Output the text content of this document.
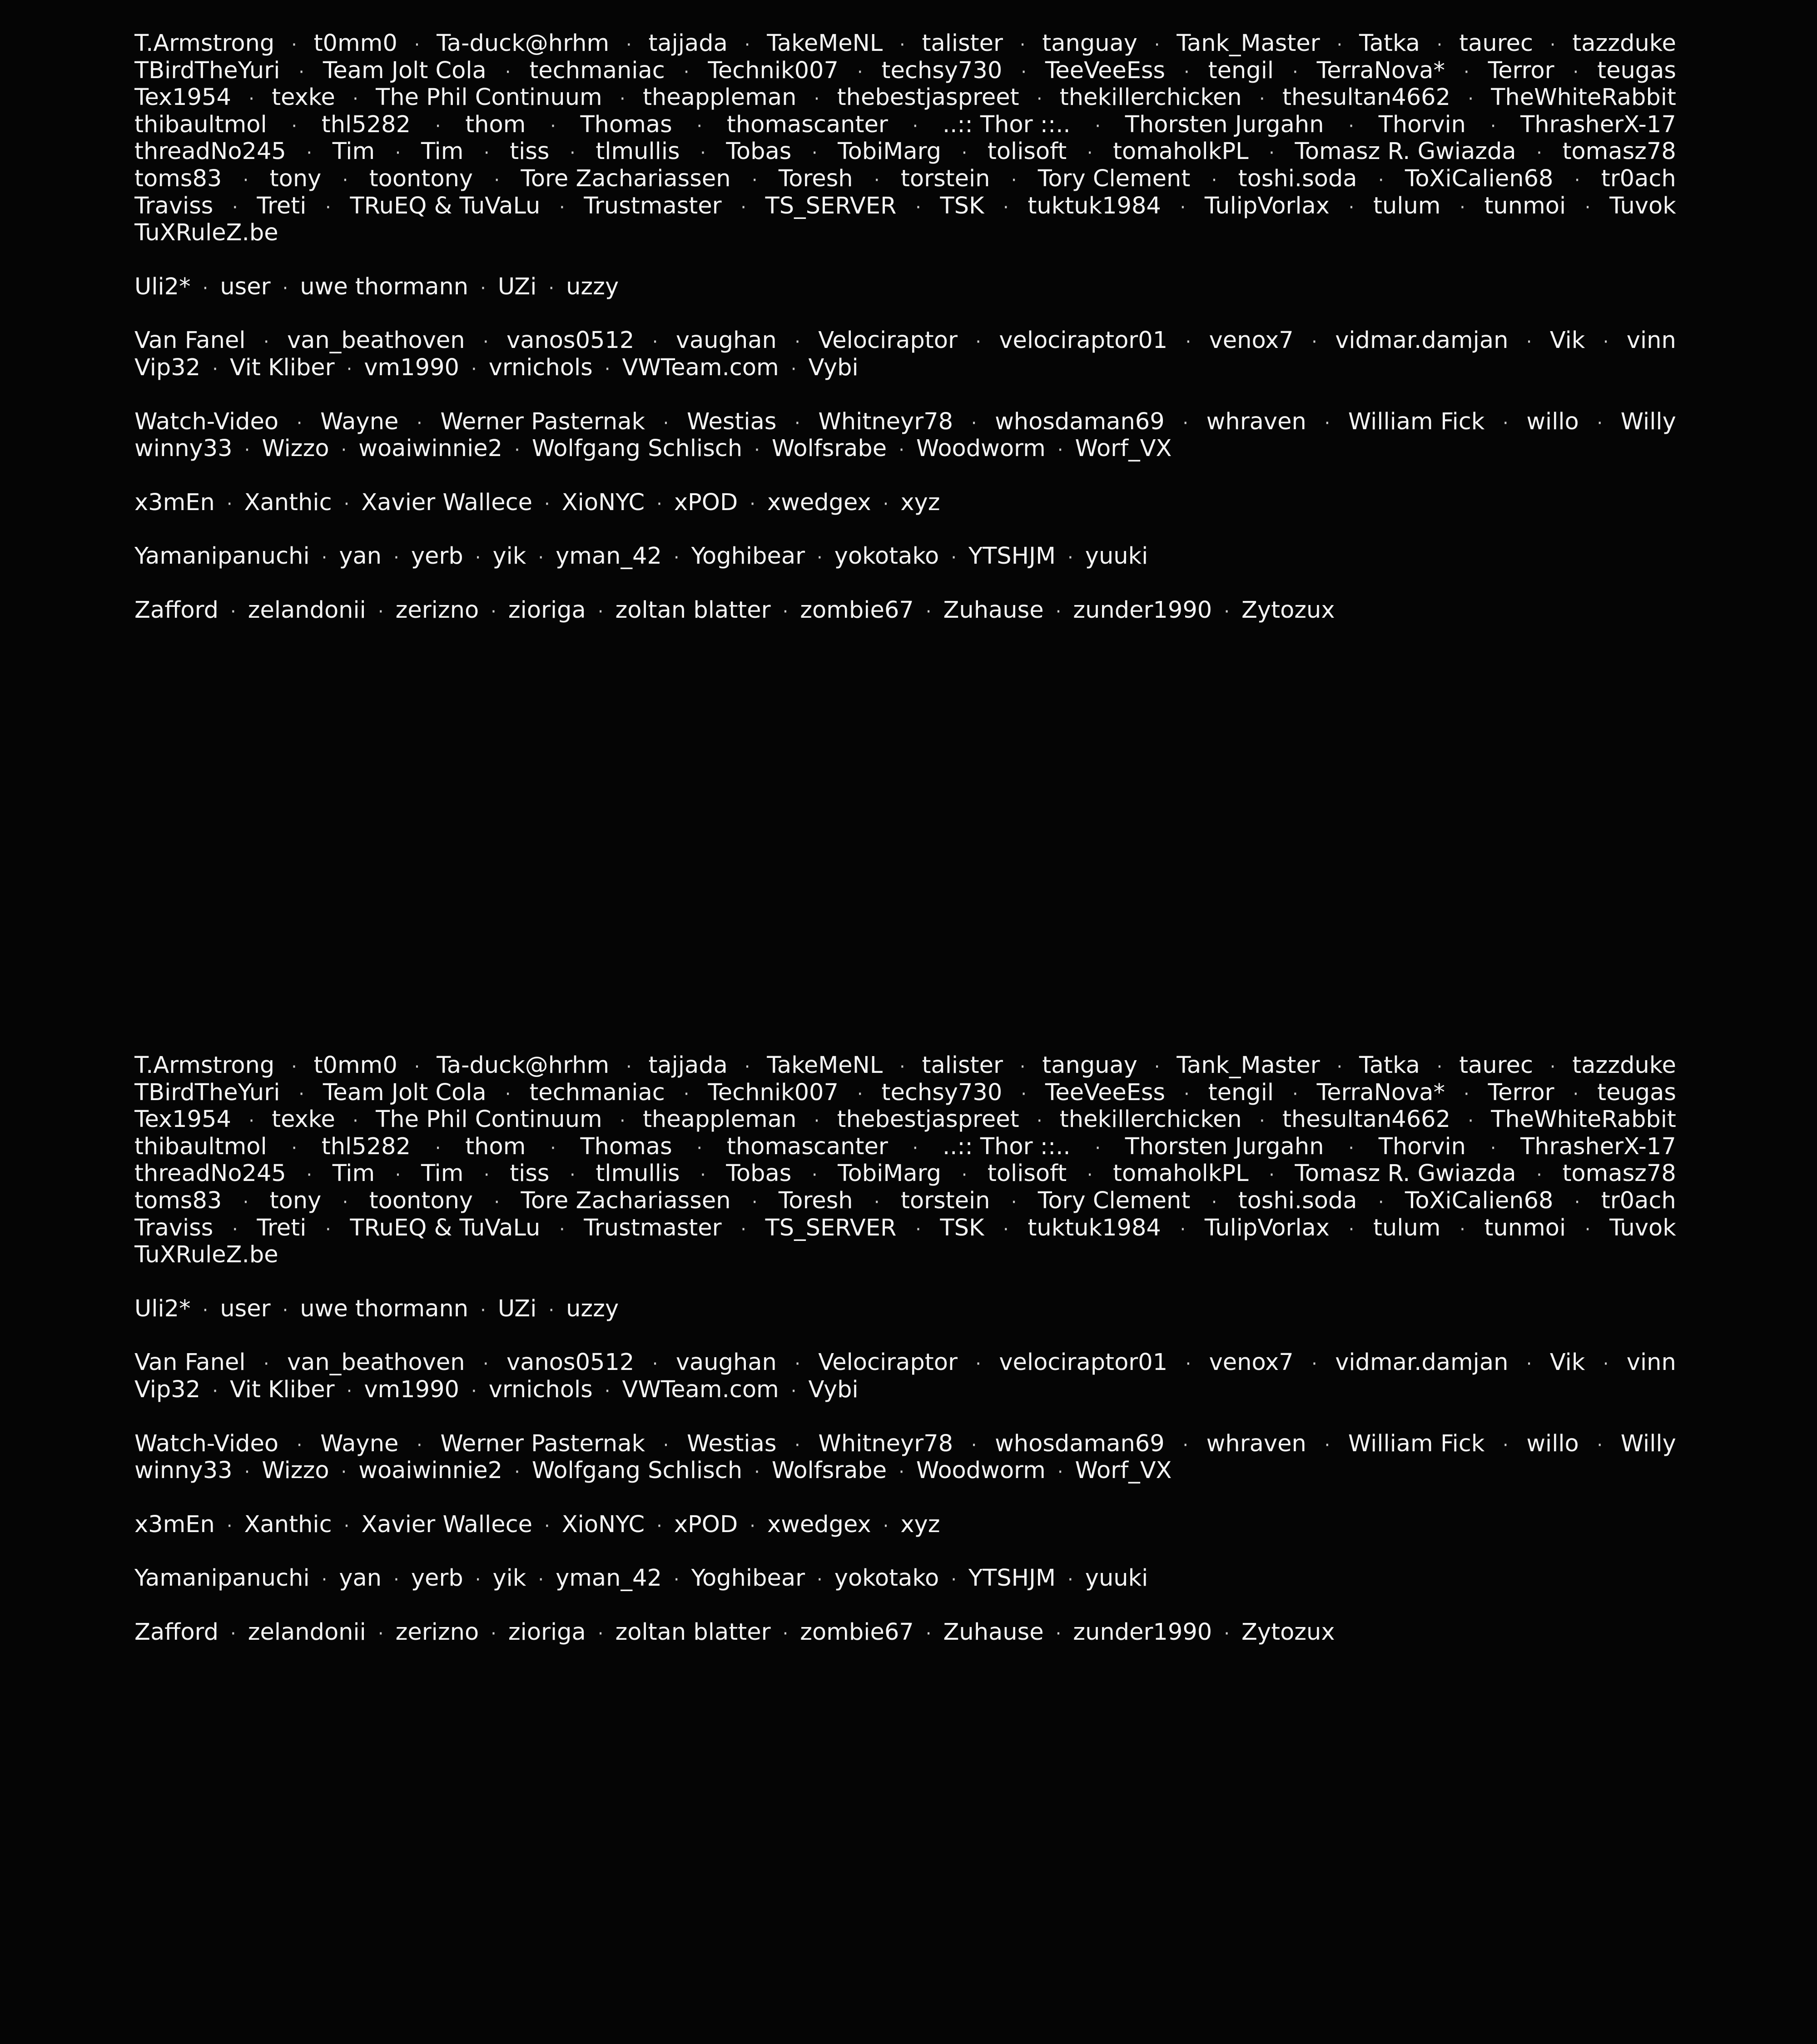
T.Armstrong · t0mm0 · Ta-duck@hrhm · tajjada · TakeMeNL · talister · tanguay · Tank_Master · Tatka · taurec · tazzduke
TBirdTheYuri · Team Jolt Cola · techmaniac · Technik007 · techsy730 · TeeVeeEss · tengil · TerraNova* · Terror · teugas
Tex1954 · texke · The Phil Continuum · theappleman · thebestjaspreet · thekillerchicken · thesultan4662 · TheWhiteRabbit
thibaultmol · thl5282 · thom · Thomas · thomascanter · ..:: Thor ::.. · Thorsten Jurgahn · Thorvin · ThrasherX-17
threadNo245 · Tim · Tim · tiss · tlmullis · Tobas · TobiMarg · tolisoft · tomaholkPL · Tomasz R. Gwiazda · tomasz78
toms83 · tony · toontony · Tore Zachariassen · Toresh · torstein · Tory Clement · toshi.soda · ToXiCalien68 · tr0ach
Traviss · Treti · TRuEQ & TuVaLu · Trustmaster · TS_SERVER · TSK · tuktuk1984 · TulipVorlax · tulum · tunmoi · Tuvok
TuXRuleZ.be
Uli2* · user · uwe thormann · UZi · uzzy
Van Fanel · van_beathoven · vanos0512 · vaughan · Velociraptor · velociraptor01 · venox7 · vidmar.damjan · Vik · vinn
Vip32 · Vit Kliber · vm1990 · vrnichols · VWTeam.com · Vybi
Watch-Video · Wayne · Werner Pasternak · Westias · Whitneyr78 · whosdaman69 · whraven · William Fick · willo · Willy
winny33 · Wizzo · woaiwinnie2 · Wolfgang Schlisch · Wolfsrabe · Woodworm · Worf_VX
x3mEn · Xanthic · Xavier Wallece · XioNYC · xPOD · xwedgex · xyz
Yamanipanuchi · yan · yerb · yik · yman_42 · Yoghibear · yokotako · YTSHJM · yuuki
Zafford · zelandonii · zerizno · zioriga · zoltan blatter · zombie67 · Zuhause · zunder1990 · Zytozux
T.Armstrong · t0mm0 · Ta-duck@hrhm · tajjada · TakeMeNL · talister · tanguay · Tank_Master · Tatka · taurec · tazzduke
TBirdTheYuri · Team Jolt Cola · techmaniac · Technik007 · techsy730 · TeeVeeEss · tengil · TerraNova* · Terror · teugas
Tex1954 · texke · The Phil Continuum · theappleman · thebestjaspreet · thekillerchicken · thesultan4662 · TheWhiteRabbit
thibaultmol · thl5282 · thom · Thomas · thomascanter · ..:: Thor ::.. · Thorsten Jurgahn · Thorvin · ThrasherX-17
threadNo245 · Tim · Tim · tiss · tlmullis · Tobas · TobiMarg · tolisoft · tomaholkPL · Tomasz R. Gwiazda · tomasz78
toms83 · tony · toontony · Tore Zachariassen · Toresh · torstein · Tory Clement · toshi.soda · ToXiCalien68 · tr0ach
Traviss · Treti · TRuEQ & TuVaLu · Trustmaster · TS_SERVER · TSK · tuktuk1984 · TulipVorlax · tulum · tunmoi · Tuvok
TuXRuleZ.be
Uli2* · user · uwe thormann · UZi · uzzy
Van Fanel · van_beathoven · vanos0512 · vaughan · Velociraptor · velociraptor01 · venox7 · vidmar.damjan · Vik · vinn
Vip32 · Vit Kliber · vm1990 · vrnichols · VWTeam.com · Vybi
Watch-Video · Wayne · Werner Pasternak · Westias · Whitneyr78 · whosdaman69 · whraven · William Fick · willo · Willy
winny33 · Wizzo · woaiwinnie2 · Wolfgang Schlisch · Wolfsrabe · Woodworm · Worf_VX
x3mEn · Xanthic · Xavier Wallece · XioNYC · xPOD · xwedgex · xyz
Yamanipanuchi · yan · yerb · yik · yman_42 · Yoghibear · yokotako · YTSHJM · yuuki
Zafford · zelandonii · zerizno · zioriga · zoltan blatter · zombie67 · Zuhause · zunder1990 · Zytozux
